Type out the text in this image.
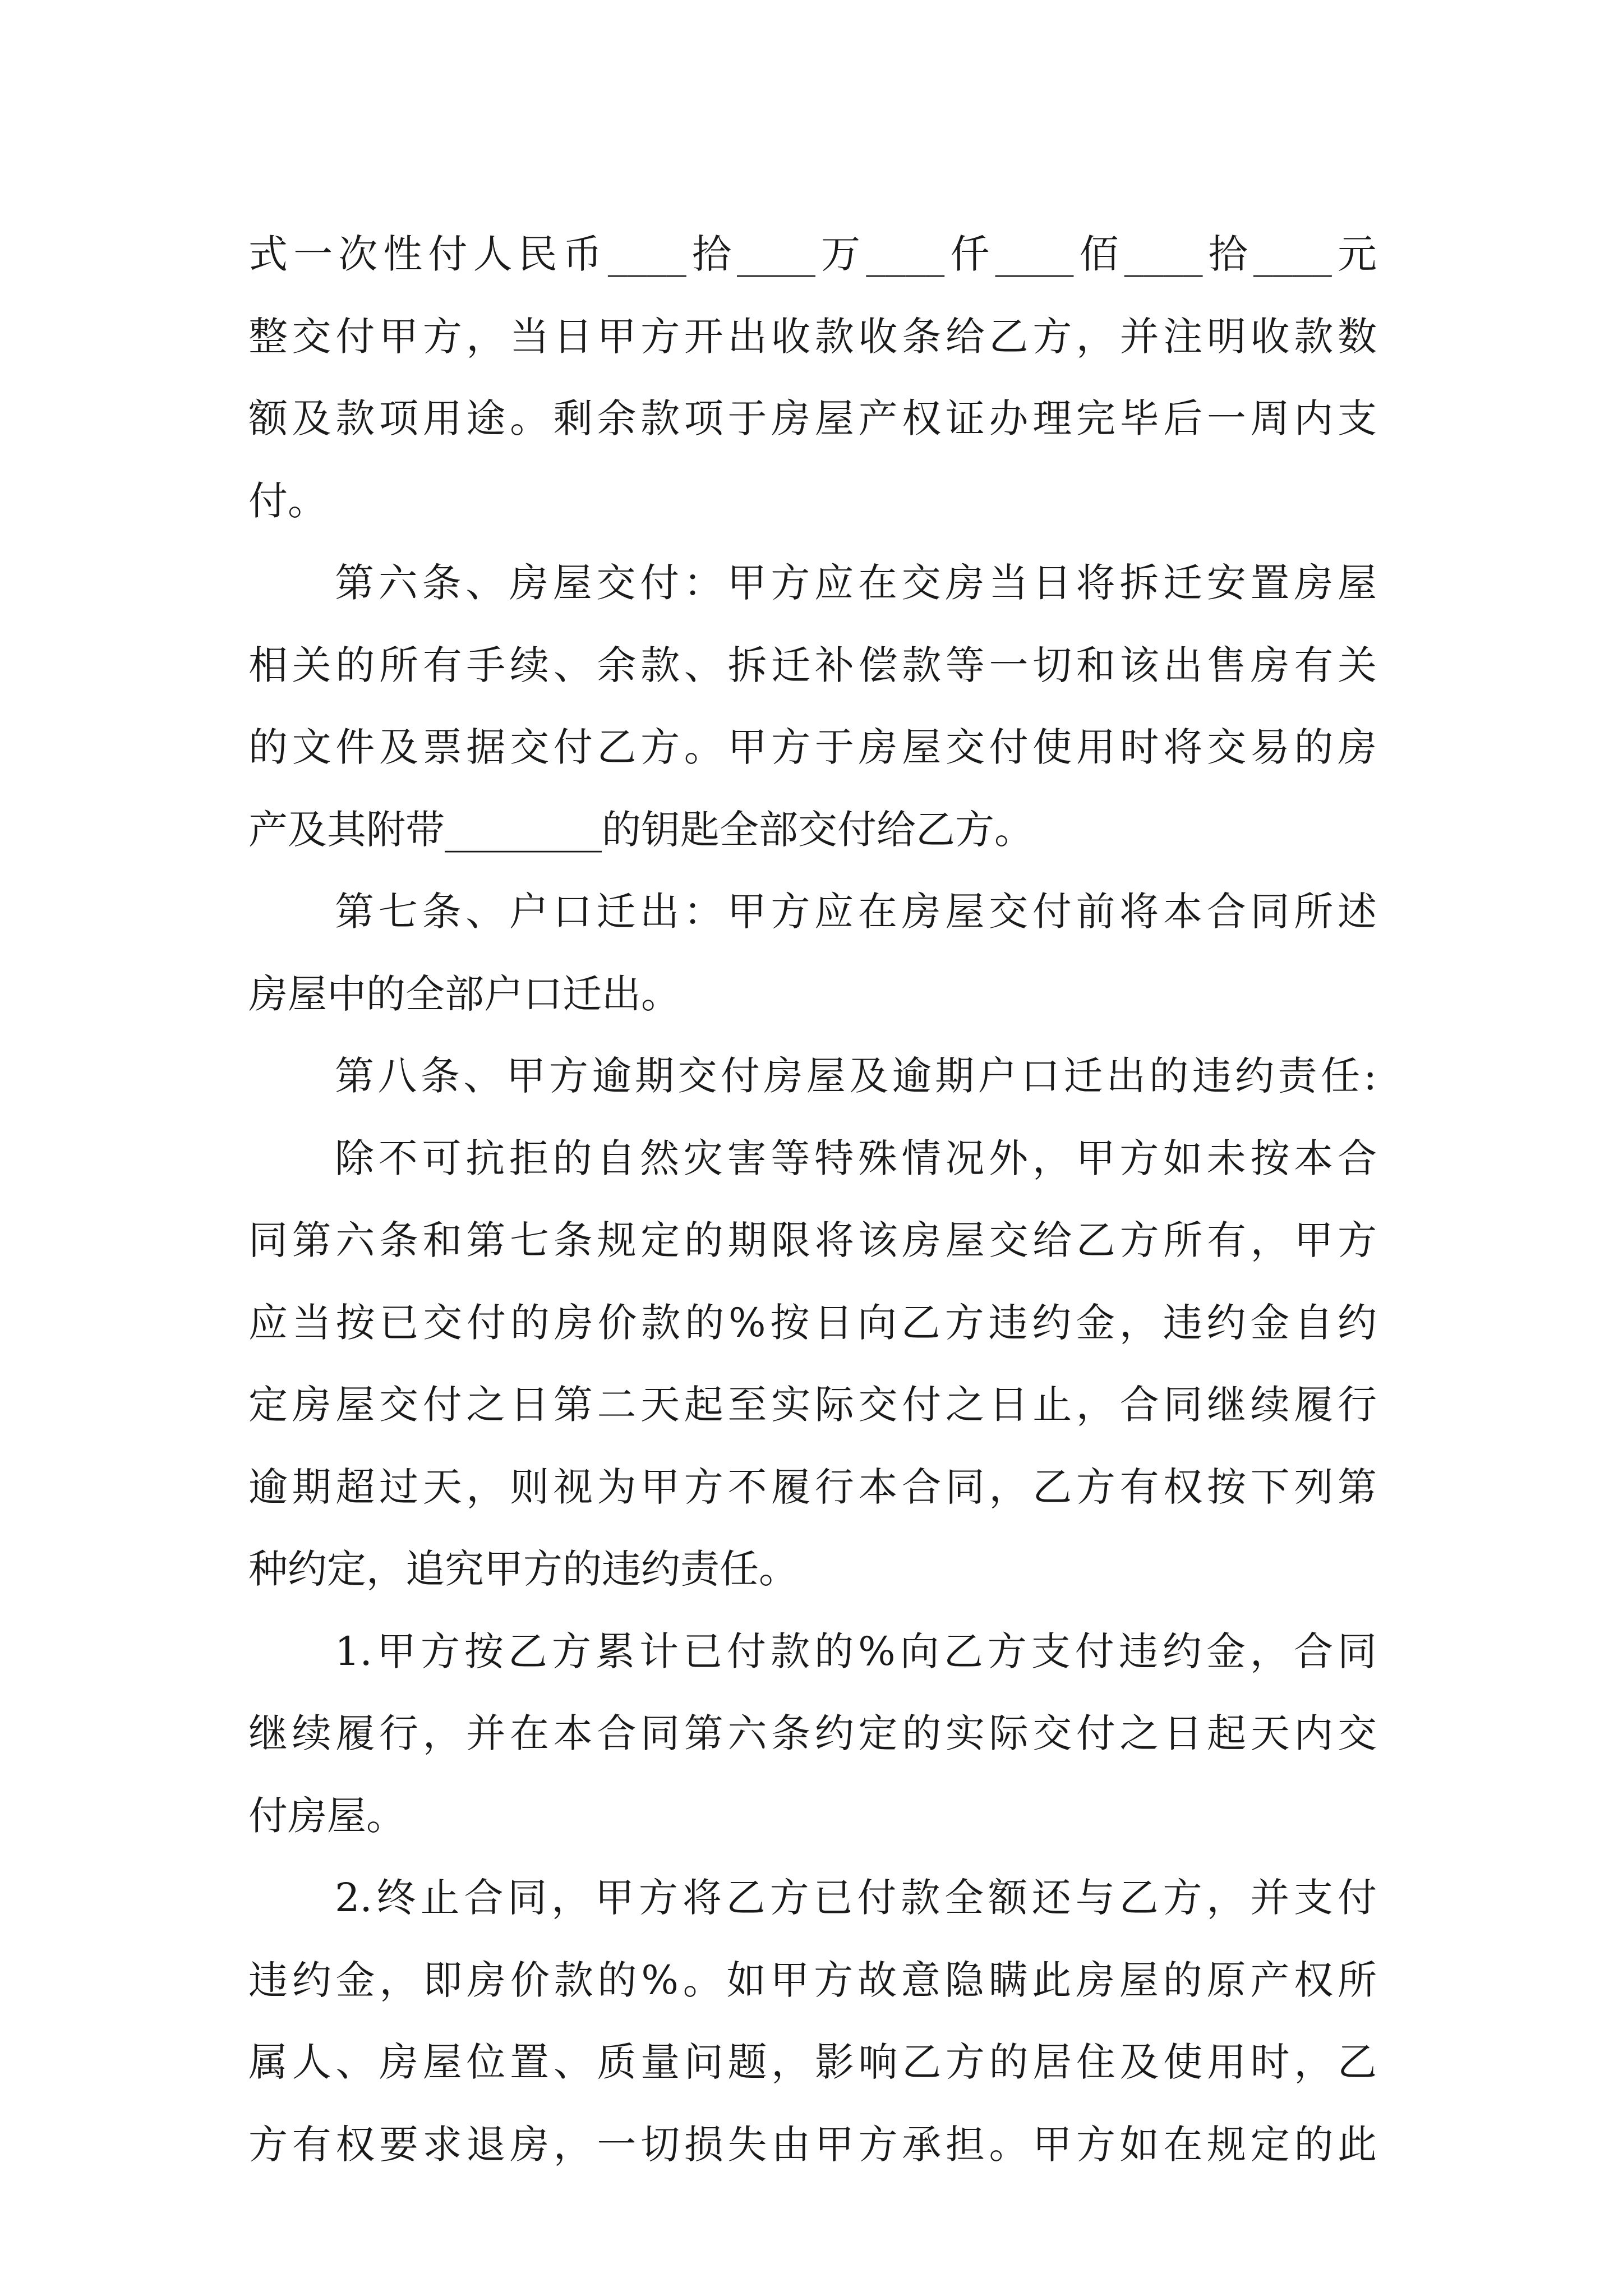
式一次性付人民币____拾____万____仟____佰____拾____元
整交付甲方，当日甲方开出收款收条给乙方，并注明收款数
额及款项用途。剩余款项于房屋产权证办理完毕后一周内支
付。
第六条、房屋交付：甲方应在交房当日将拆迁安置房屋
相关的所有手续、余款、拆迁补偿款等一切和该出售房有关
的文件及票据交付乙方。甲方于房屋交付使用时将交易的房
产及其附带________的钥匙全部交付给乙方。
第七条、户口迁出：甲方应在房屋交付前将本合同所述
房屋中的全部户口迁出。
第八条、甲方逾期交付房屋及逾期户口迁出的违约责任:
除不可抗拒的自然灾害等特殊情况外，甲方如未按本合
同第六条和第七条规定的期限将该房屋交给乙方所有，甲方
应当按已交付的房价款的%按日向乙方违约金，违约金自约
定房屋交付之日第二天起至实际交付之日止，合同继续履行
逾期超过天，则视为甲方不履行本合同，乙方有权按下列第
种约定，追究甲方的违约责任。
1.甲方按乙方累计已付款的%向乙方支付违约金，合同
继续履行，并在本合同第六条约定的实际交付之日起天内交
付房屋。
2.终止合同，甲方将乙方已付款全额还与乙方，并支付
违约金，即房价款的%。如甲方故意隐瞒此房屋的原产权所
属人、房屋位置、质量问题，影响乙方的居住及使用时，乙
方有权要求退房，一切损失由甲方承担。甲方如在规定的此
